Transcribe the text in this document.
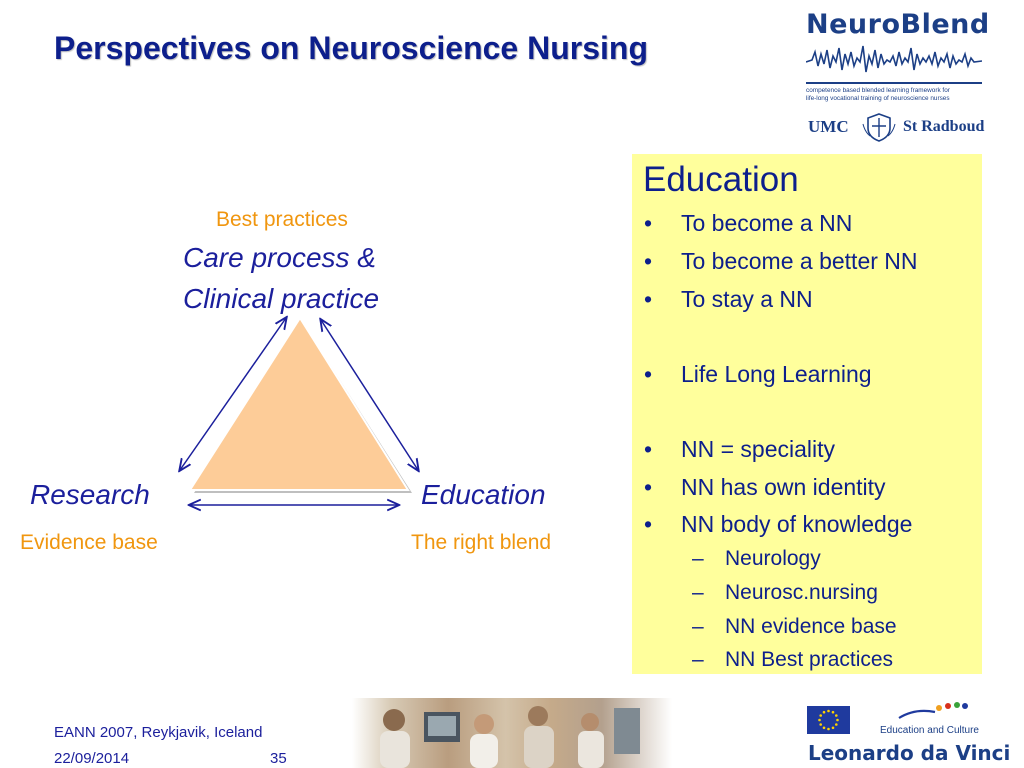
Perspectives on Neuroscience Nursing
NeuroBlend
competence based blended learning framework for
life-long vocational training of neuroscience nurses
UMC	St Radboud
Best practices
Care process &
Clinical practice
Research	Education
Evidence base	The right blend
Education
• To become a NN
• To become a better NN
• To stay a NN
• Life Long Learning
• NN = speciality
• NN has own identity
• NN body of knowledge
– Neurology
– Neurosc.nursing
– NN evidence base
– NN Best practices
EANN 2007, Reykjavik, Iceland
22/09/2014	35
Education and Culture
Leonardo da Vinci
